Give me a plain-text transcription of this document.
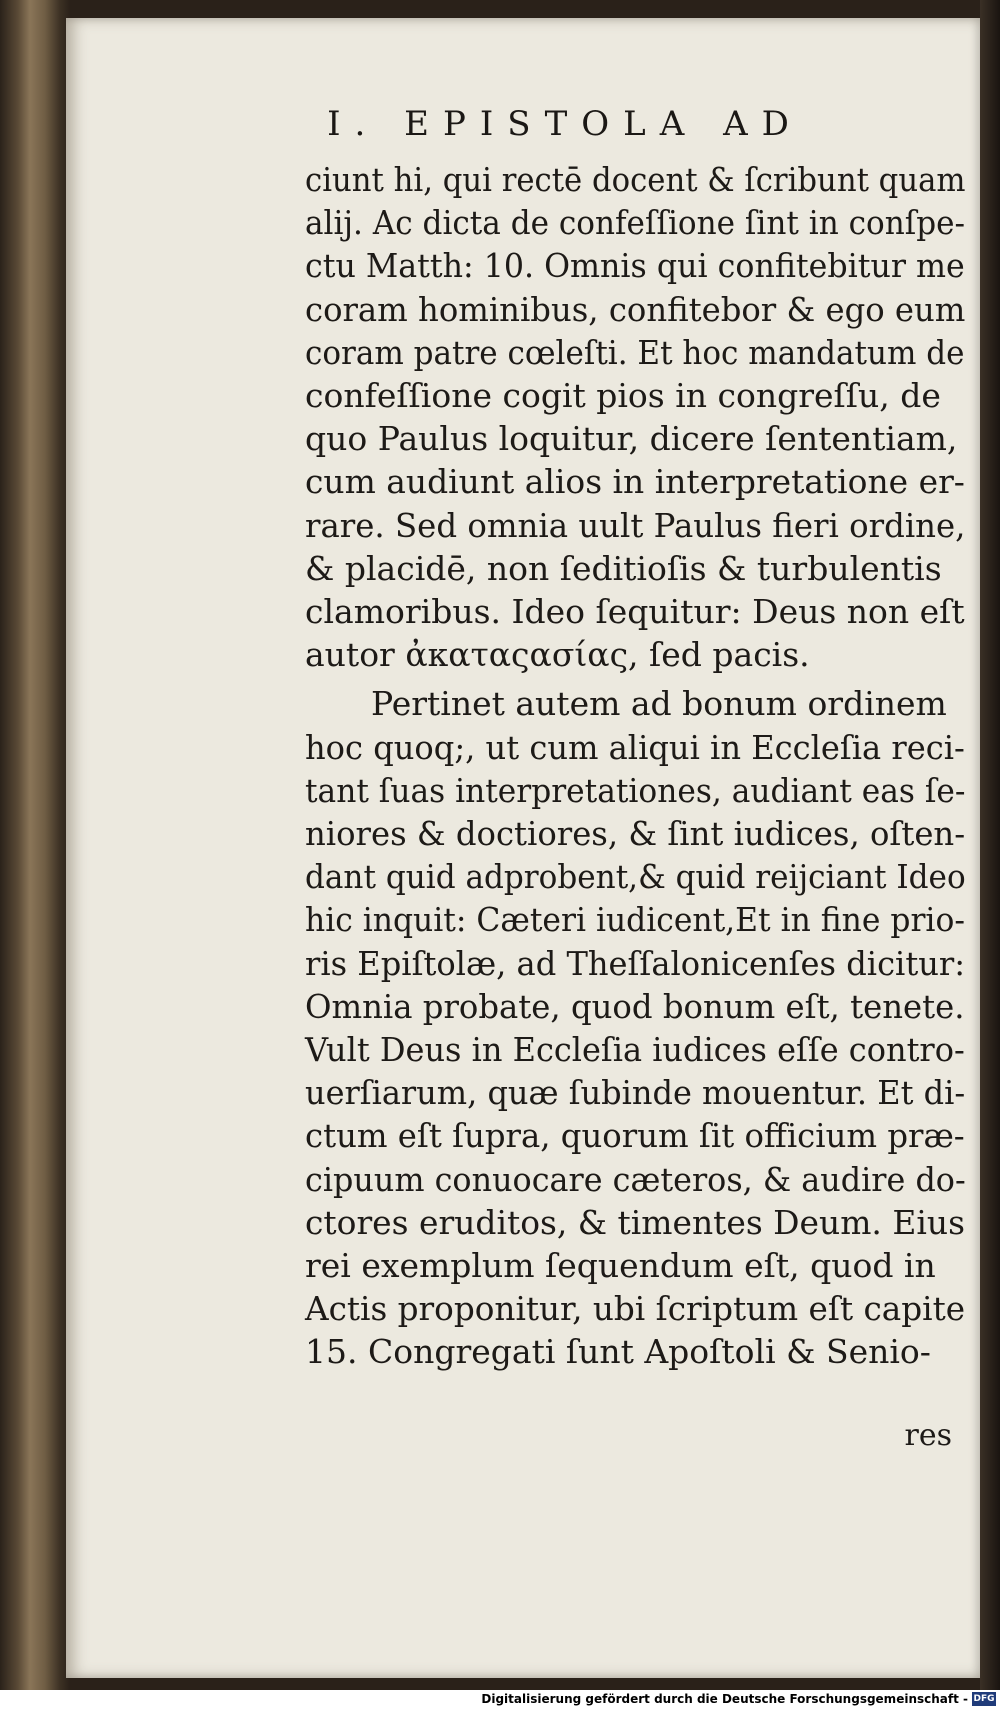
I. EPISTOLA AD
ciunt hi, qui rectē docent & ſcribunt quam
alij. Ac dicta de confeſſione ſint in conſpe-
ctu Matth: 10. Omnis qui confitebitur me
coram hominibus, confitebor & ego eum
coram patre cœleſti. Et hoc mandatum de
confeſſione cogit pios in congreſſu, de
quo Paulus loquitur, dicere ſententiam,
cum audiunt alios in interpretatione er-
rare. Sed omnia uult Paulus fieri ordine,
& placidē, non ſeditioſis & turbulentis
clamoribus. Ideo ſequitur: Deus non eſt
autor ἀκαταςασίας, ſed pacis.
Pertinet autem ad bonum ordinem
hoc quoq;, ut cum aliqui in Eccleſia reci-
tant ſuas interpretationes, audiant eas ſe-
niores & doctiores, & ſint iudices, oſten-
dant quid adprobent,& quid reijciant Ideo
hic inquit: Cæteri iudicent,Et in fine prio-
ris Epiſtolæ, ad Theſſalonicenſes dicitur:
Omnia probate, quod bonum eſt, tenete.
Vult Deus in Eccleſia iudices eſſe contro-
uerſiarum, quæ ſubinde mouentur. Et di-
ctum eſt ſupra, quorum ſit officium præ-
cipuum conuocare cæteros, & audire do-
ctores eruditos, & timentes Deum. Eius
rei exemplum ſequendum eſt, quod in
Actis proponitur, ubi ſcriptum eſt capite
15. Congregati ſunt Apoſtoli & Senio-
res
Digitalisierung gefördert durch die Deutsche Forschungsgemeinschaft - DFG
